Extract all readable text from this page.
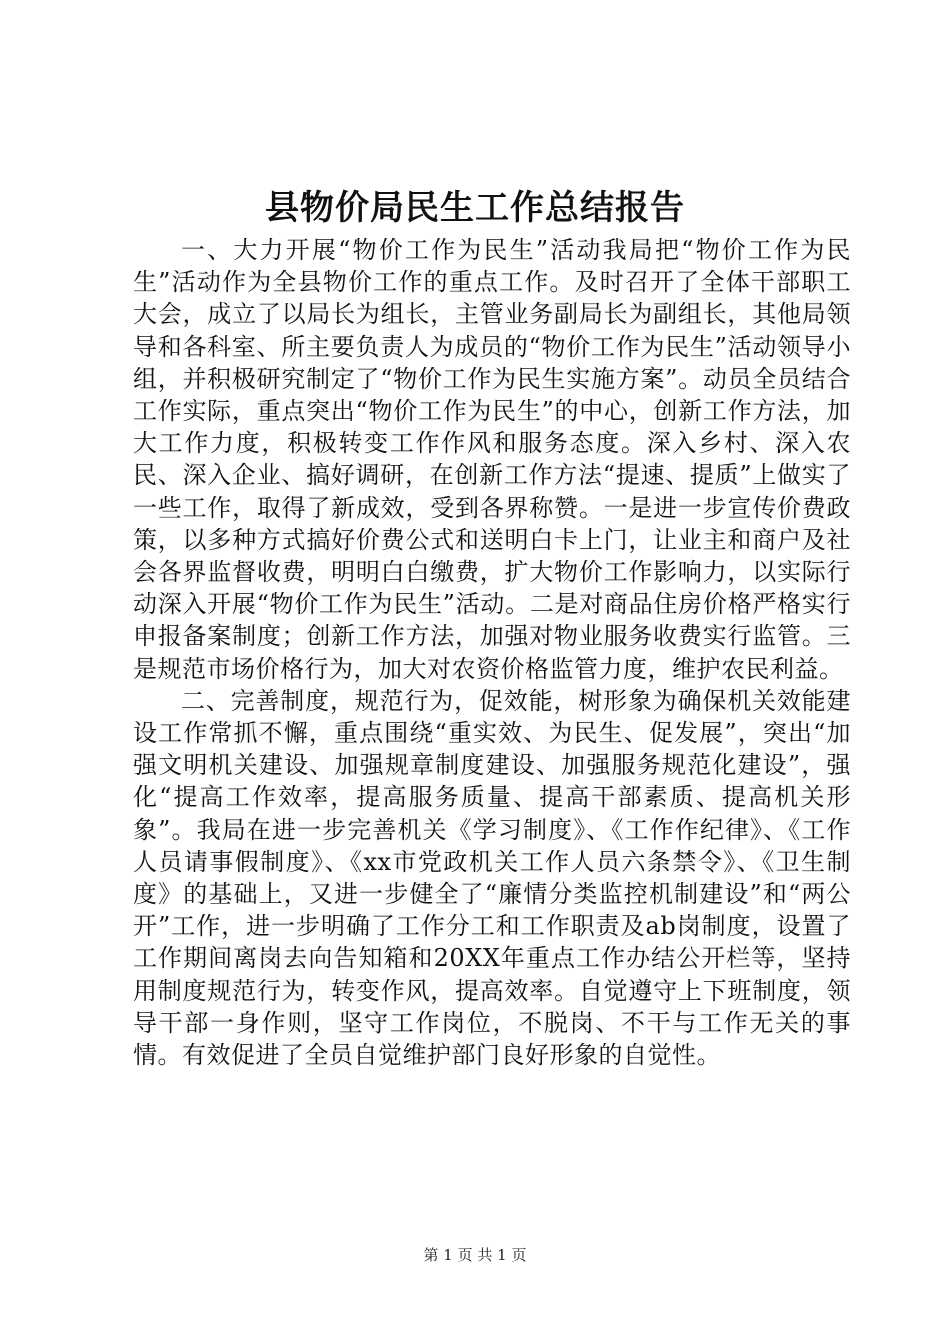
县物价局民生工作总结报告

一、大力开展“物价工作为民生”活动我局把“物价工作为民生”活动作为全县物价工作的重点工作。及时召开了全体干部职工大会，成立了以局长为组长，主管业务副局长为副组长，其他局领导和各科室、所主要负责人为成员的“物价工作为民生”活动领导小组，并积极研究制定了“物价工作为民生实施方案”。动员全员结合工作实际，重点突出“物价工作为民生”的中心，创新工作方法，加大工作力度，积极转变工作作风和服务态度。深入乡村、深入农民、深入企业、搞好调研，在创新工作方法“提速、提质”上做实了一些工作，取得了新成效，受到各界称赞。一是进一步宣传价费政策，以多种方式搞好价费公式和送明白卡上门，让业主和商户及社会各界监督收费，明明白白缴费，扩大物价工作影响力，以实际行动深入开展“物价工作为民生”活动。二是对商品住房价格严格实行申报备案制度；创新工作方法，加强对物业服务收费实行监管。三是规范市场价格行为，加大对农资价格监管力度，维护农民利益。

二、完善制度，规范行为，促效能，树形象为确保机关效能建设工作常抓不懈，重点围绕“重实效、为民生、促发展”，突出“加强文明机关建设、加强规章制度建设、加强服务规范化建设”，强化“提高工作效率，提高服务质量、提高干部素质、提高机关形象”。我局在进一步完善机关《学习制度》、《工作作纪律》、《工作人员请事假制度》、《xx市党政机关工作人员六条禁令》、《卫生制度》的基础上，又进一步健全了“廉情分类监控机制建设”和“两公开”工作，进一步明确了工作分工和工作职责及ab岗制度，设置了工作期间离岗去向告知箱和20XX年重点工作办结公开栏等，坚持用制度规范行为，转变作风，提高效率。自觉遵守上下班制度，领导干部一身作则，坚守工作岗位，不脱岗、不干与工作无关的事情。有效促进了全员自觉维护部门良好形象的自觉性。

第 1 页 共 1 页
